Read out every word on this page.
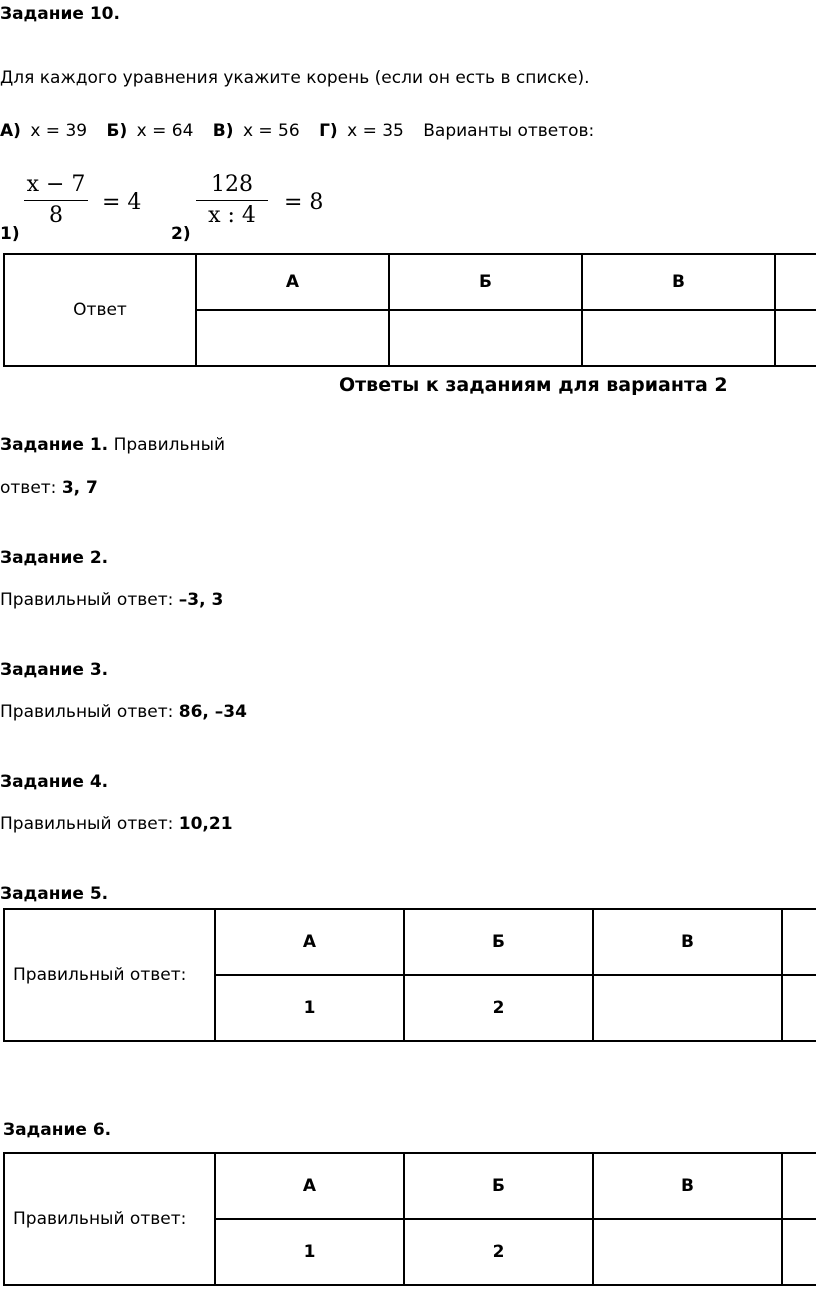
Задание 10.
Для каждого уравнения укажите корень (если он есть в списке).
А) x = 39 Б) x = 64 В) x = 56 Г) x = 35 Варианты ответов:
x − 7
8
= 4
1)
128
x : 4
= 8
2)
Ответ	А	Б	В	

Ответы к заданиям для варианта 2
Задание 1. Правильный
ответ: 3, 7
Задание 2.
Правильный ответ: –3, 3
Задание 3.
Правильный ответ: 86, –34
Задание 4.
Правильный ответ: 10,21
Задание 5.
Правильный ответ:	А	Б	В	
	1	2		
Задание 6.
Правильный ответ:	А	Б	В	
	1	2		
